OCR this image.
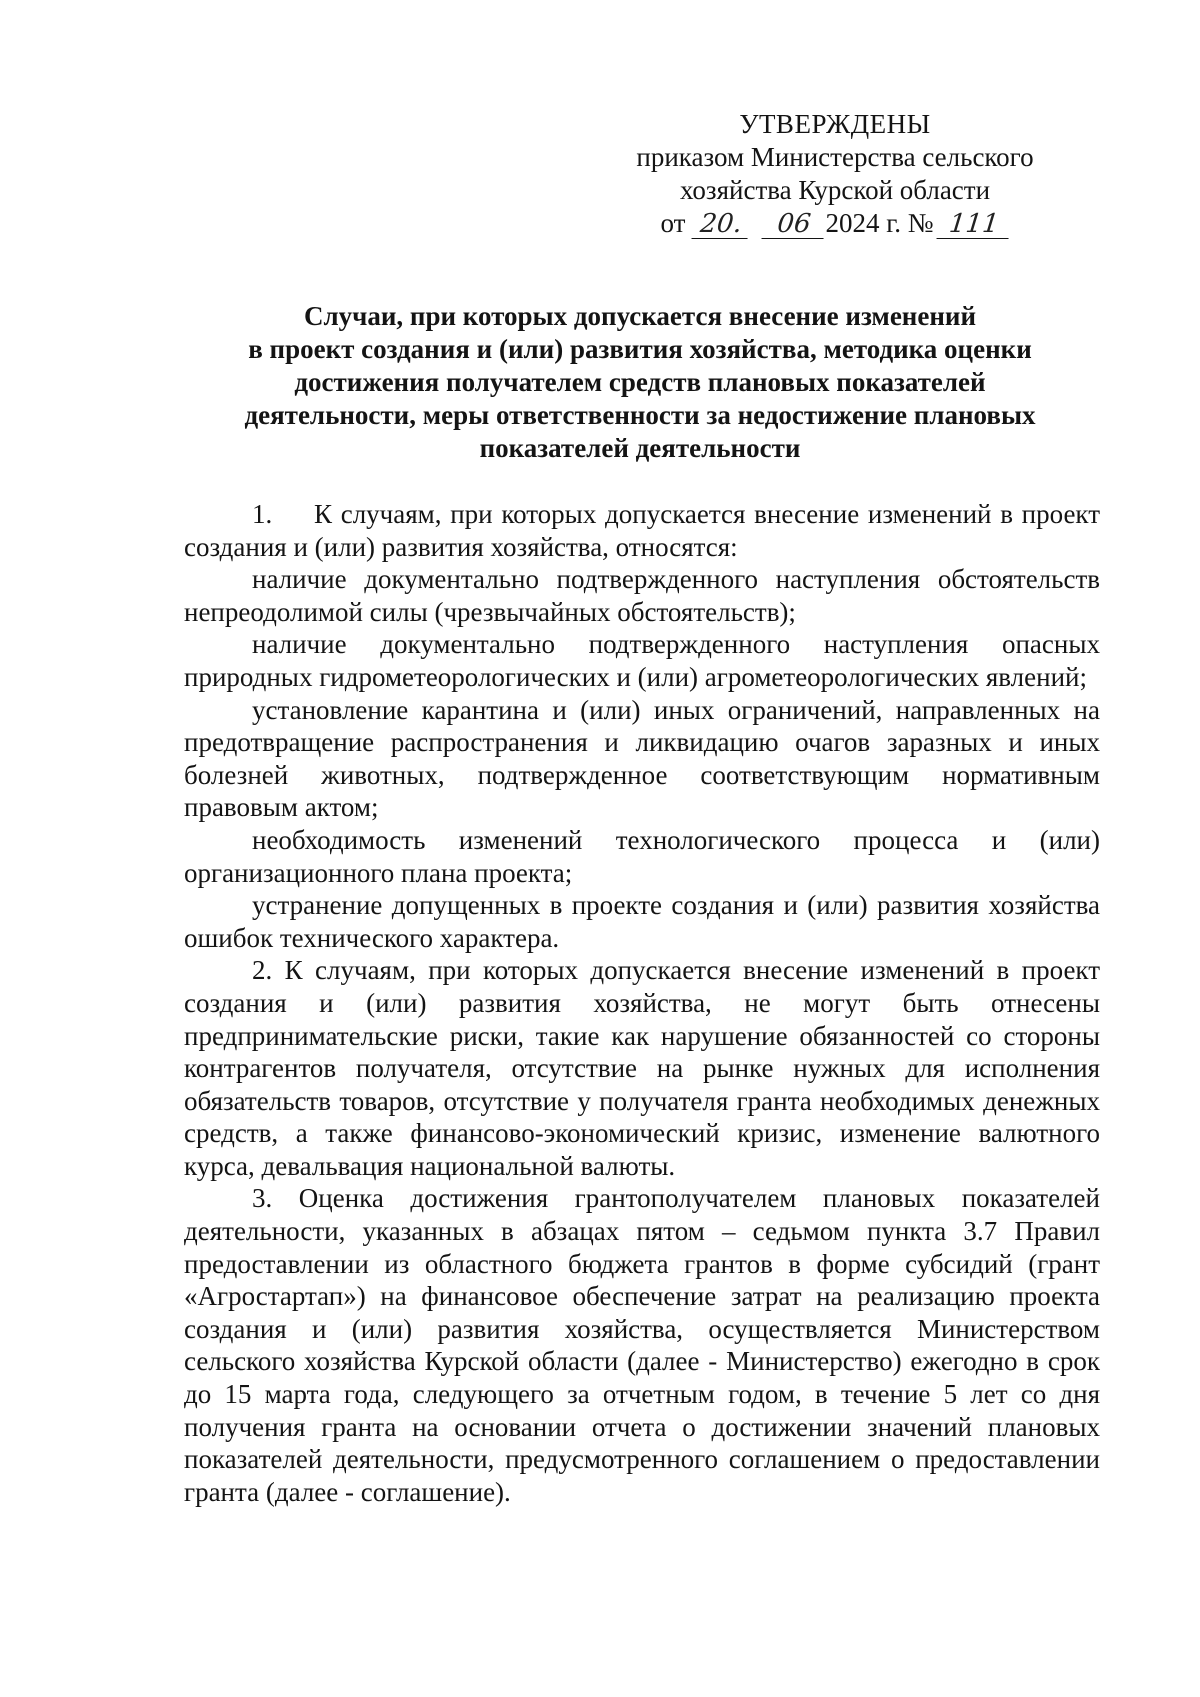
УТВЕРЖДЕНЫ
приказом Министерства сельского
хозяйства Курской области
от 20. 06 2024 г. № 111
Случаи, при которых допускается внесение изменений
в проект создания и (или) развития хозяйства, методика оценки
достижения получателем средств плановых показателей
деятельности, меры ответственности за недостижение плановых
показателей деятельности

1. К случаям, при которых допускается внесение изменений в проект создания и (или) развития хозяйства, относятся:

наличие документально подтвержденного наступления обстоятельств непреодолимой силы (чрезвычайных обстоятельств);

наличие документально подтвержденного наступления опасных природных гидрометеорологических и (или) агрометеорологических явлений;

установление карантина и (или) иных ограничений, направленных на предотвращение распространения и ликвидацию очагов заразных и иных болезней животных, подтвержденное соответствующим нормативным правовым актом;

необходимость изменений технологического процесса и (или) организационного плана проекта;

устранение допущенных в проекте создания и (или) развития хозяйства ошибок технического характера.

2. К случаям, при которых допускается внесение изменений в проект создания и (или) развития хозяйства, не могут быть отнесены предпринимательские риски, такие как нарушение обязанностей со стороны контрагентов получателя, отсутствие на рынке нужных для исполнения обязательств товаров, отсутствие у получателя гранта необходимых денежных средств, а также финансово-экономический кризис, изменение валютного курса, девальвация национальной валюты.

3. Оценка достижения грантополучателем плановых показателей деятельности, указанных в абзацах пятом – седьмом пункта 3.7 Правил предоставлении из областного бюджета грантов в форме субсидий (грант «Агростартап») на финансовое обеспечение затрат на реализацию проекта создания и (или) развития хозяйства, осуществляется Министерством сельского хозяйства Курской области (далее - Министерство) ежегодно в срок до 15 марта года, следующего за отчетным годом, в течение 5 лет со дня получения гранта на основании отчета о достижении значений плановых показателей деятельности, предусмотренного соглашением о предоставлении гранта (далее - соглашение).
